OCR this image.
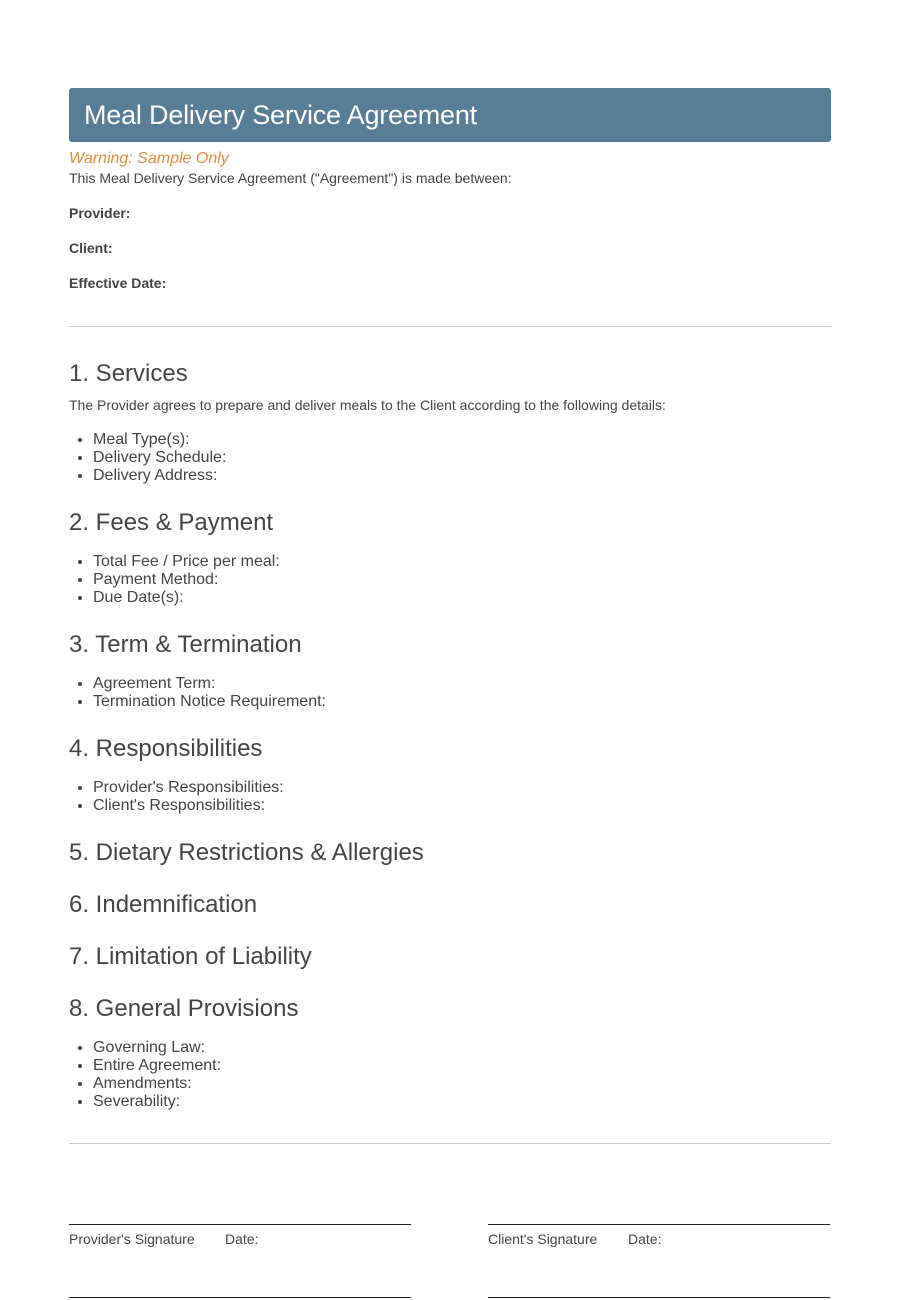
Meal Delivery Service Agreement
Warning: Sample Only
This Meal Delivery Service Agreement ("Agreement") is made between:
Provider:
Client:
Effective Date:
1. Services

The Provider agrees to prepare and deliver meals to the Client according to the following details:

• Meal Type(s):
• Delivery Schedule:
• Delivery Address:
2. Fees & Payment
• Total Fee / Price per meal:
• Payment Method:
• Due Date(s):
3. Term & Termination
• Agreement Term:
• Termination Notice Requirement:
4. Responsibilities
• Provider's Responsibilities:
• Client's Responsibilities:
5. Dietary Restrictions & Allergies
6. Indemnification
7. Limitation of Liability
8. General Provisions
• Governing Law:
• Entire Agreement:
• Amendments:
• Severability:
Provider's Signature Date:	Client's Signature Date:
